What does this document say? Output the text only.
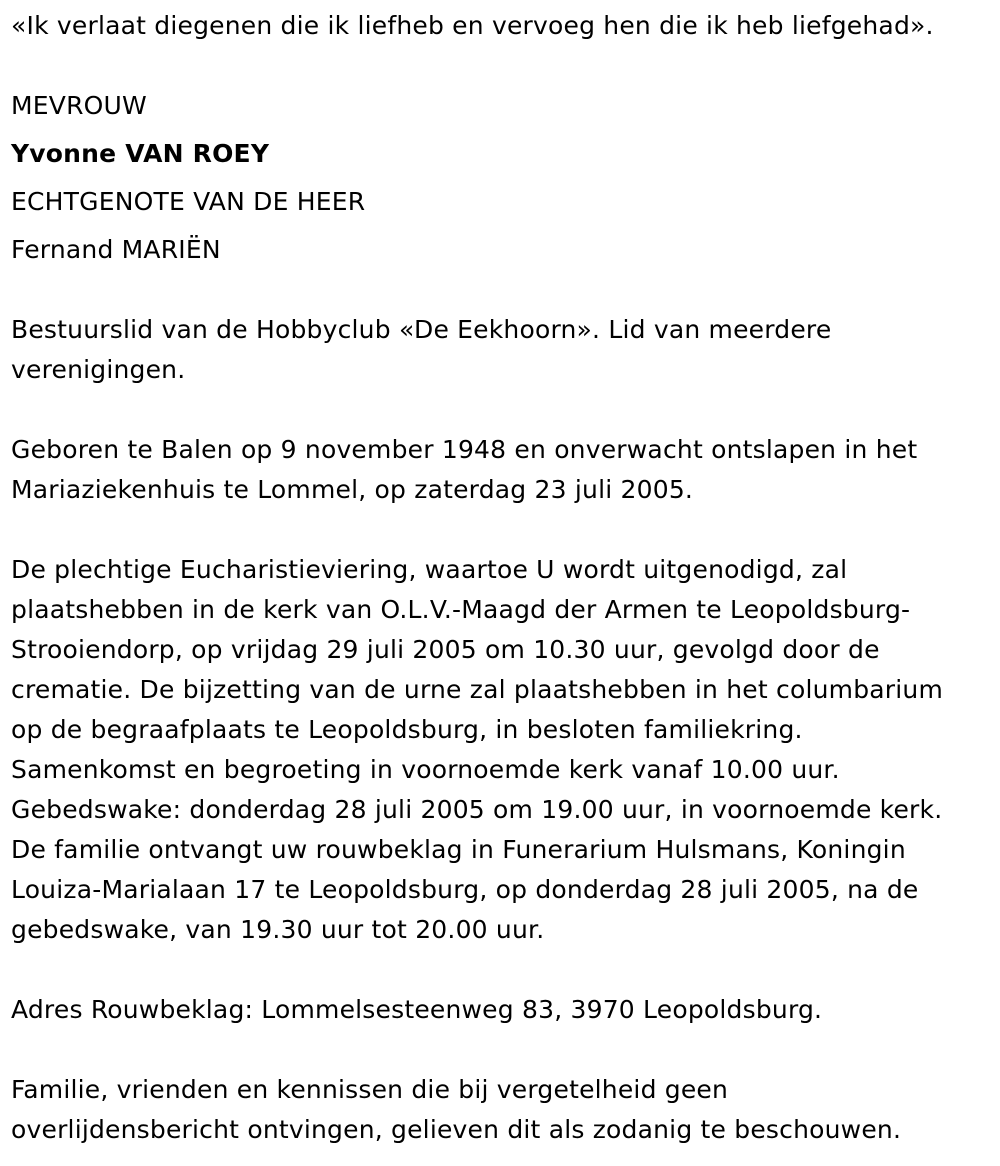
«Ik verlaat diegenen die ik liefheb en vervoeg hen die ik heb liefgehad».

MEVROUW

Yvonne VAN ROEY

ECHTGENOTE VAN DE HEER

Fernand MARIËN

Bestuurslid van de Hobbyclub «De Eekhoorn». Lid van meerdere

verenigingen.

Geboren te Balen op 9 november 1948 en onverwacht ontslapen in het

Mariaziekenhuis te Lommel, op zaterdag 23 juli 2005.

De plechtige Eucharistieviering, waartoe U wordt uitgenodigd, zal

plaatshebben in de kerk van O.L.V.-Maagd der Armen te Leopoldsburg-

Strooiendorp, op vrijdag 29 juli 2005 om 10.30 uur, gevolgd door de

crematie. De bijzetting van de urne zal plaatshebben in het columbarium

op de begraafplaats te Leopoldsburg, in besloten familiekring.

Samenkomst en begroeting in voornoemde kerk vanaf 10.00 uur.

Gebedswake: donderdag 28 juli 2005 om 19.00 uur, in voornoemde kerk.

De familie ontvangt uw rouwbeklag in Funerarium Hulsmans, Koningin

Louiza-Marialaan 17 te Leopoldsburg, op donderdag 28 juli 2005, na de

gebedswake, van 19.30 uur tot 20.00 uur.

Adres Rouwbeklag: Lommelsesteenweg 83, 3970 Leopoldsburg.

Familie, vrienden en kennissen die bij vergetelheid geen

overlijdensbericht ontvingen, gelieven dit als zodanig te beschouwen.
